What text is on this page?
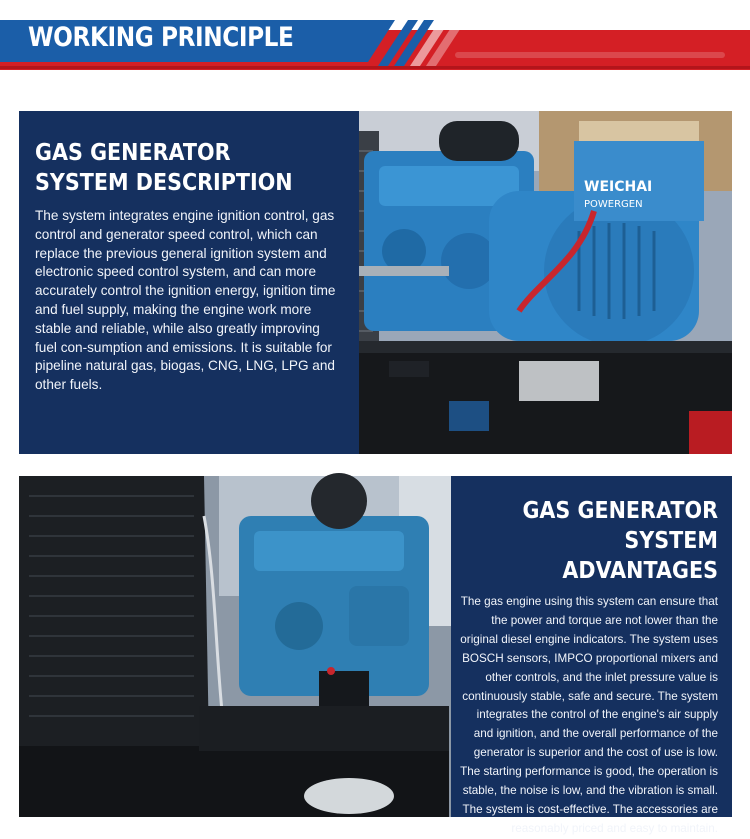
WORKING PRINCIPLE
WEICHAI
POWERGEN
GAS GENERATOR
SYSTEM DESCRIPTION

The system integrates engine ignition control, gas control and generator speed control, which can replace the previous general ignition system and electronic speed control system, and can more accurately control the ignition energy, ignition time and fuel supply, making the engine work more stable and reliable, while also greatly improving fuel con-sumption and emissions. It is suitable for pipeline natural gas, biogas, CNG, LNG, LPG and other fuels.

GAS GENERATOR
SYSTEM ADVANTAGES

The gas engine using this system can ensure that the power and torque are not lower than the original diesel engine indicators. The system uses BOSCH sensors, IMPCO proportional mixers and other controls, and the inlet pressure value is continuously stable, safe and secure. The system integrates the control of the engine's air supply and ignition, and the overall performance of the generator is superior and the cost of use is low. The starting performance is good, the operation is stable, the noise is low, and the vibration is small. The system is cost-effective. The accessories are reasonably priced and easy to maintain.
